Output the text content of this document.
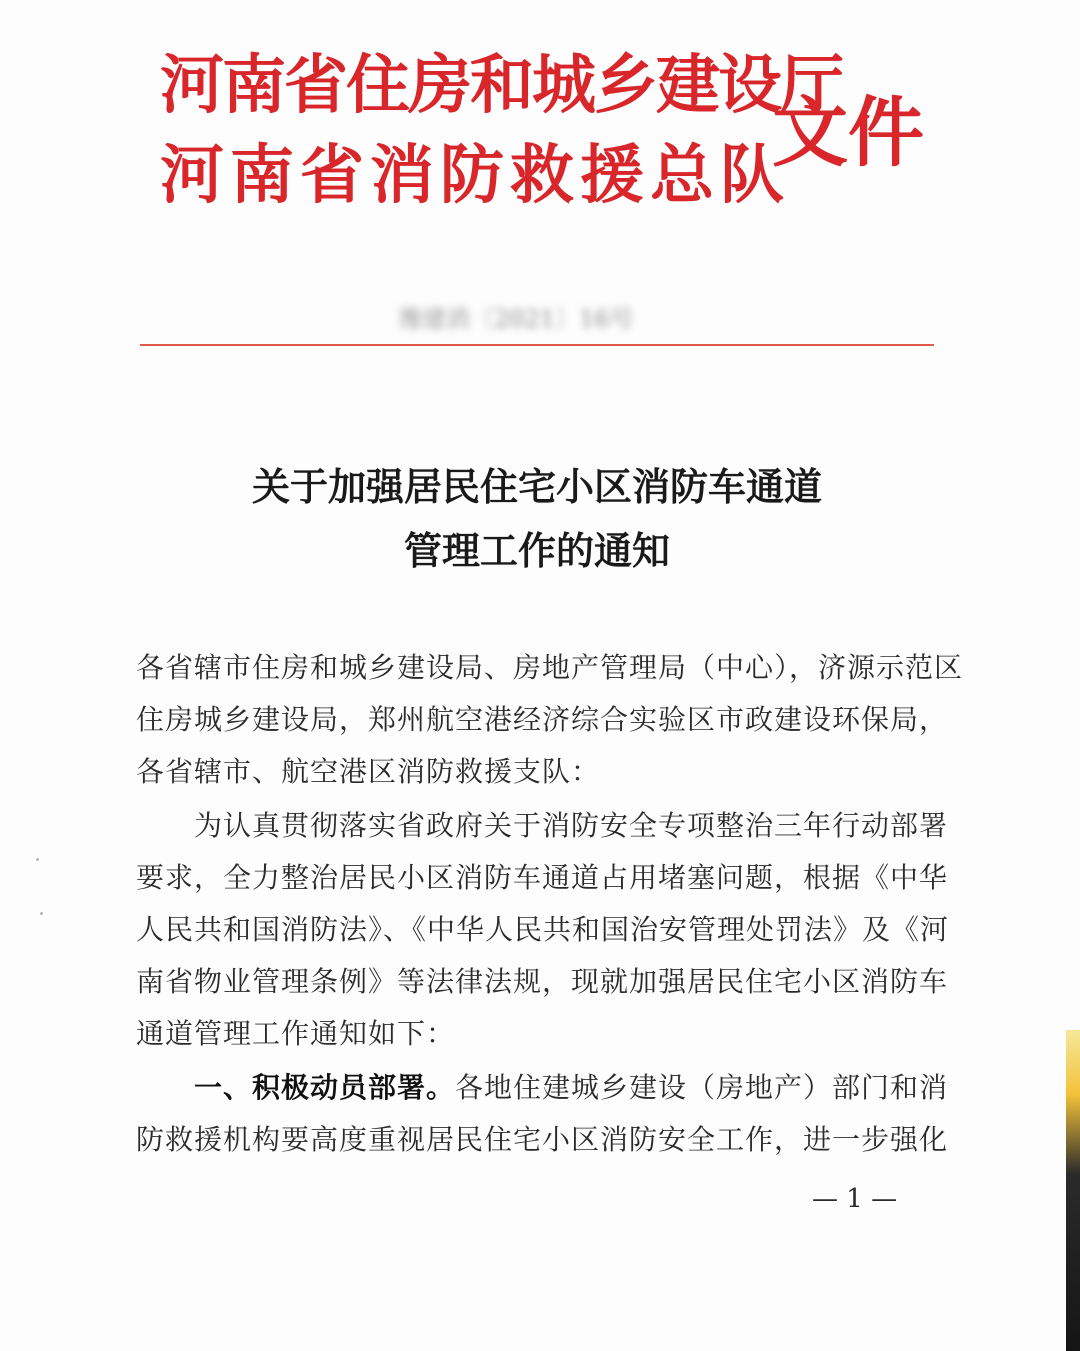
河南省住房和城乡建设厅
河南省消防救援总队
文件
豫建消〔2021〕16号
关于加强居民住宅小区消防车通道
管理工作的通知
各省辖市住房和城乡建设局、房地产管理局（中心），济源示范区
住房城乡建设局，郑州航空港经济综合实验区市政建设环保局，
各省辖市、航空港区消防救援支队：
　　为认真贯彻落实省政府关于消防安全专项整治三年行动部署
要求，全力整治居民小区消防车通道占用堵塞问题，根据《中华
人民共和国消防法》、《中华人民共和国治安管理处罚法》及《河
南省物业管理条例》等法律法规，现就加强居民住宅小区消防车
通道管理工作通知如下：
　　一、积极动员部署。各地住建城乡建设（房地产）部门和消
防救援机构要高度重视居民住宅小区消防安全工作，进一步强化
— 1 —
